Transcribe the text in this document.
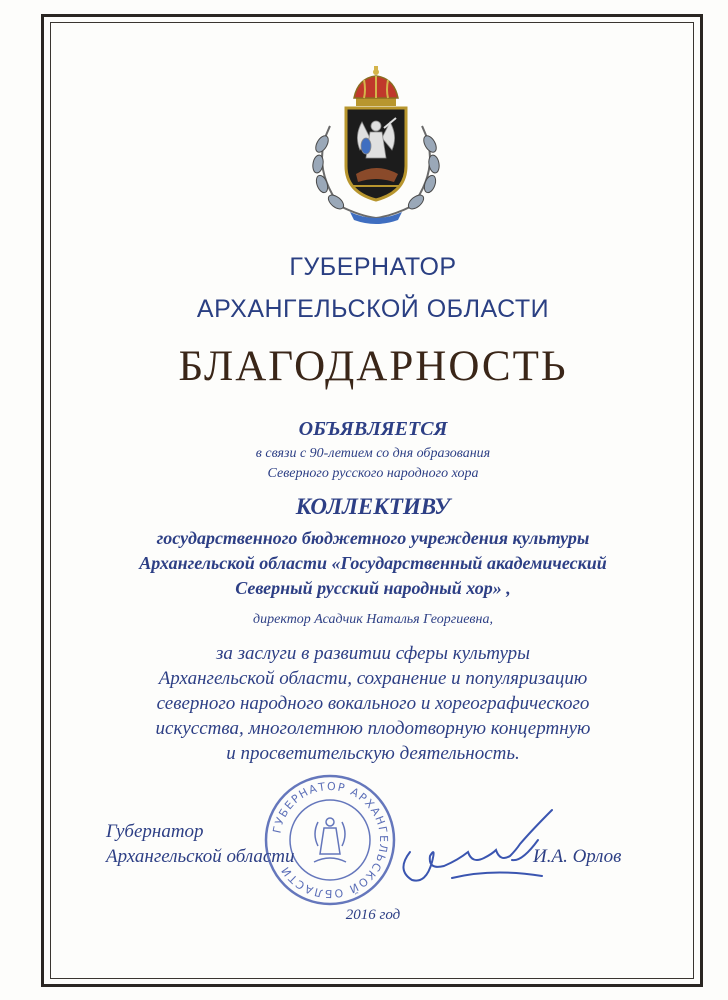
ГУБЕРНАТОР
АРХАНГЕЛЬСКОЙ ОБЛАСТИ
БЛАГОДАРНОСТЬ
ОБЪЯВЛЯЕТСЯ
в связи с 90-летием со дня образования
Северного русского народного хора
КОЛЛЕКТИВУ
государственного бюджетного учреждения культуры
Архангельской области «Государственный академический
Северный русский народный хор» ,
директор Асадчик Наталья Георгиевна,
за заслуги в развитии сферы культуры
Архангельской области, сохранение и популяризацию
северного народного вокального и хореографического
искусства, многолетнюю плодотворную концертную
и просветительскую деятельность.
ГУБЕРНАТОР АРХАНГЕЛЬСКОЙ ОБЛАСТИ
Губернатор
Архангельской области	И.А. Орлов
2016 год
